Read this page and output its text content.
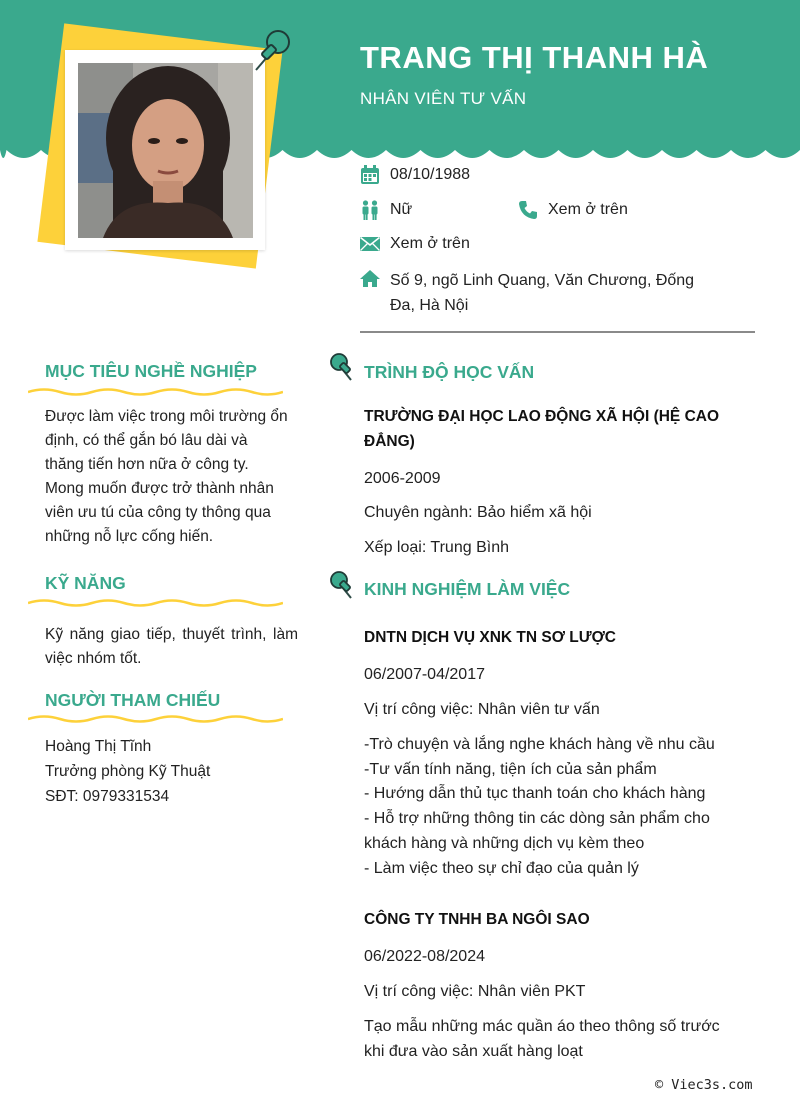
TRANG THỊ THANH HÀ
NHÂN VIÊN TƯ VẤN
08/10/1988
Nữ	Xem ở trên
Xem ở trên
Số 9, ngõ Linh Quang, Văn Chương, Đống Đa, Hà Nội
MỤC TIÊU NGHỀ NGHIỆP
Được làm việc trong môi trường ổn
định, có thể gắn bó lâu dài và
thăng tiến hơn nữa ở công ty.
Mong muốn được trở thành nhân
viên ưu tú của công ty thông qua
những nỗ lực cống hiến.
KỸ NĂNG
Kỹ năng giao tiếp, thuyết trình, làm việc nhóm tốt.
NGƯỜI THAM CHIẾU
Hoàng Thị Tĩnh
Trưởng phòng Kỹ Thuật
SĐT: 0979331534
TRÌNH ĐỘ HỌC VẤN
TRƯỜNG ĐẠI HỌC LAO ĐỘNG XÃ HỘI (HỆ CAO ĐẲNG)
2006-2009
Chuyên ngành: Bảo hiểm xã hội
Xếp loại: Trung Bình
KINH NGHIỆM LÀM VIỆC
DNTN DỊCH VỤ XNK TN SƠ LƯỢC
06/2007-04/2017
Vị trí công việc: Nhân viên tư vấn
-Trò chuyện và lắng nghe khách hàng về nhu cầu
-Tư vấn tính năng, tiện ích của sản phẩm
- Hướng dẫn thủ tục thanh toán cho khách hàng
- Hỗ trợ những thông tin các dòng sản phẩm cho
khách hàng và những dịch vụ kèm theo
- Làm việc theo sự chỉ đạo của quản lý
CÔNG TY TNHH BA NGÔI SAO
06/2022-08/2024
Vị trí công việc: Nhân viên PKT
Tạo mẫu những mác quần áo theo thông số trước
khi đưa vào sản xuất hàng loạt
© Viec3s.com
